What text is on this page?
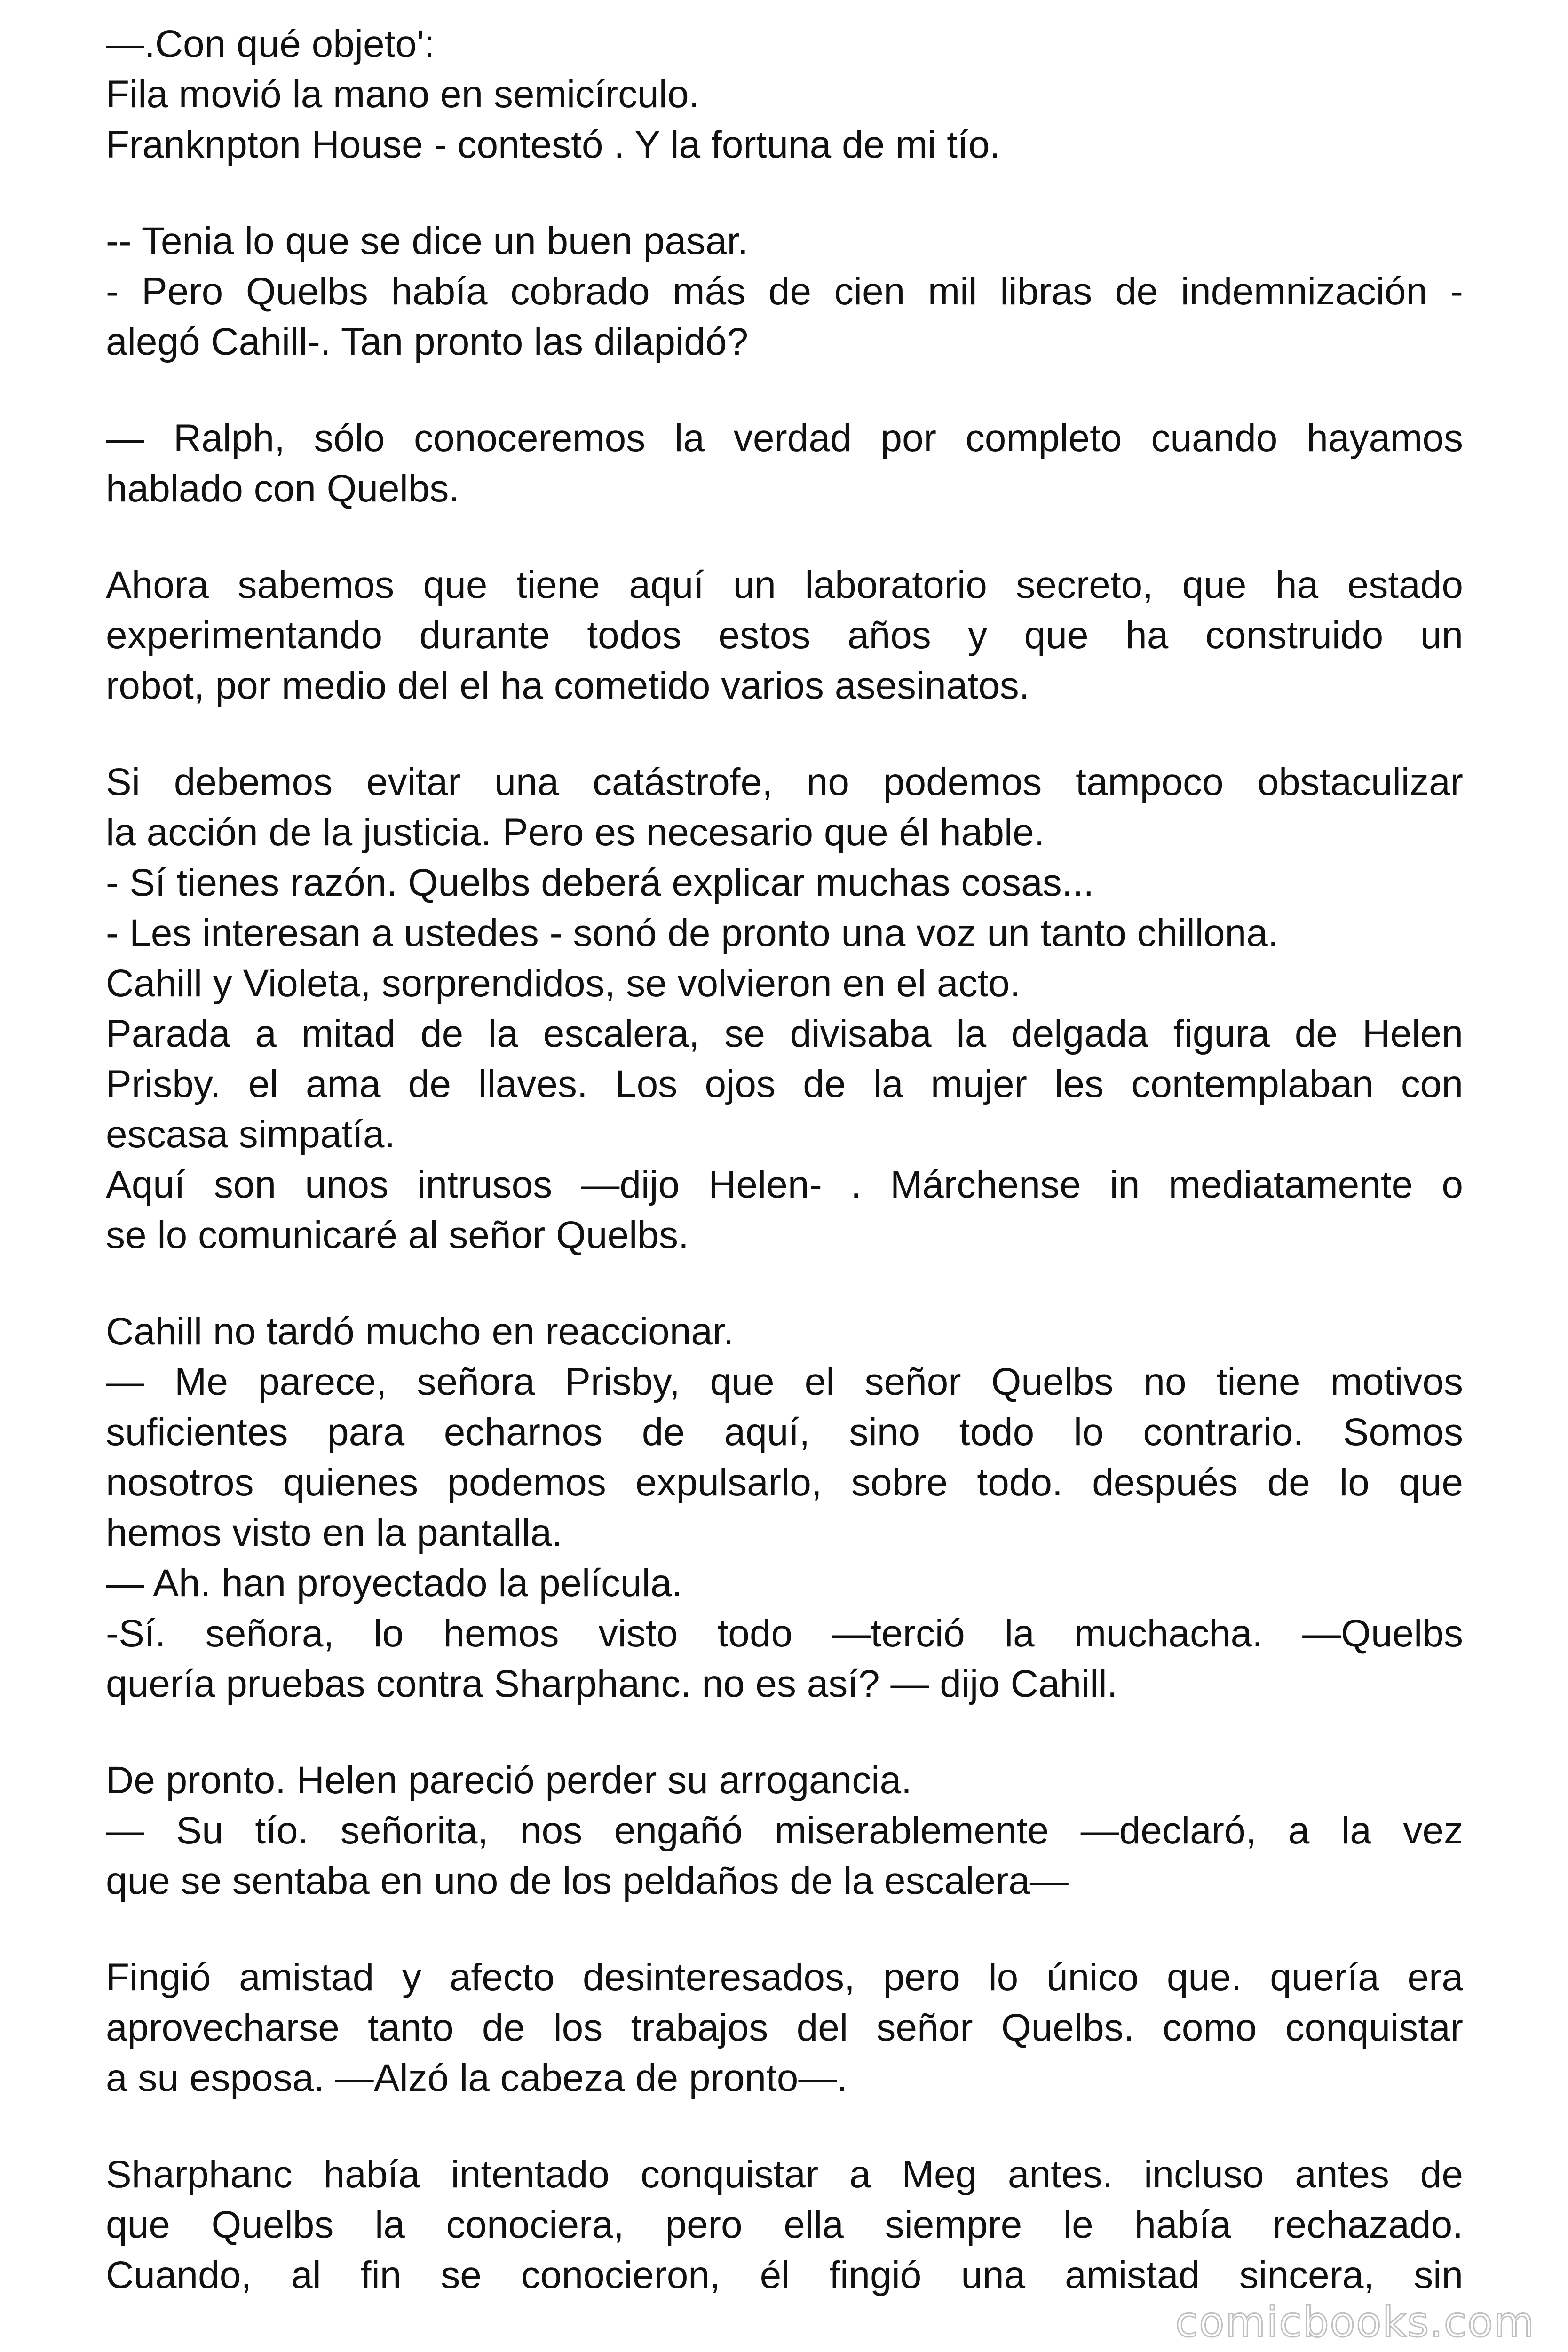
—.Con qué objeto':
Fila movió la mano en semicírculo.
Franknpton House - contestó . Y la fortuna de mi tío.
-- Tenia lo que se dice un buen pasar.
- Pero Quelbs había cobrado más de cien mil libras de indemnización -
alegó Cahill-. Tan pronto las dilapidó?
— Ralph, sólo conoceremos la verdad por completo cuando hayamos
hablado con Quelbs.
Ahora sabemos que tiene aquí un laboratorio secreto, que ha estado
experimentando durante todos estos años y que ha construido un
robot, por medio del el ha cometido varios asesinatos.
Si debemos evitar una catástrofe, no podemos tampoco obstaculizar
la acción de la justicia. Pero es necesario que él hable.
- Sí tienes razón. Quelbs deberá explicar muchas cosas...
- Les interesan a ustedes - sonó de pronto una voz un tanto chillona.
Cahill y Violeta, sorprendidos, se volvieron en el acto.
Parada a mitad de la escalera, se divisaba la delgada figura de Helen
Prisby. el ama de llaves. Los ojos de la mujer les contemplaban con
escasa simpatía.
Aquí son unos intrusos —dijo Helen- . Márchense in mediatamente o
se lo comunicaré al señor Quelbs.
Cahill no tardó mucho en reaccionar.
— Me parece, señora Prisby, que el señor Quelbs no tiene motivos
suficientes para echarnos de aquí, sino todo lo contrario. Somos
nosotros quienes podemos expulsarlo, sobre todo. después de lo que
hemos visto en la pantalla.
— Ah. han proyectado la película.
-Sí. señora, lo hemos visto todo —terció la muchacha. —Quelbs
quería pruebas contra Sharphanc. no es así? — dijo Cahill.
De pronto. Helen pareció perder su arrogancia.
— Su tío. señorita, nos engañó miserablemente —declaró, a la vez
que se sentaba en uno de los peldaños de la escalera—
Fingió amistad y afecto desinteresados, pero lo único que. quería era
aprovecharse tanto de los trabajos del señor Quelbs. como conquistar
a su esposa. —Alzó la cabeza de pronto—.
Sharphanc había intentado conquistar a Meg antes. incluso antes de
que Quelbs la conociera, pero ella siempre le había rechazado.
Cuando, al fin se conocieron, él fingió una amistad sincera, sin
comicbooks.com
